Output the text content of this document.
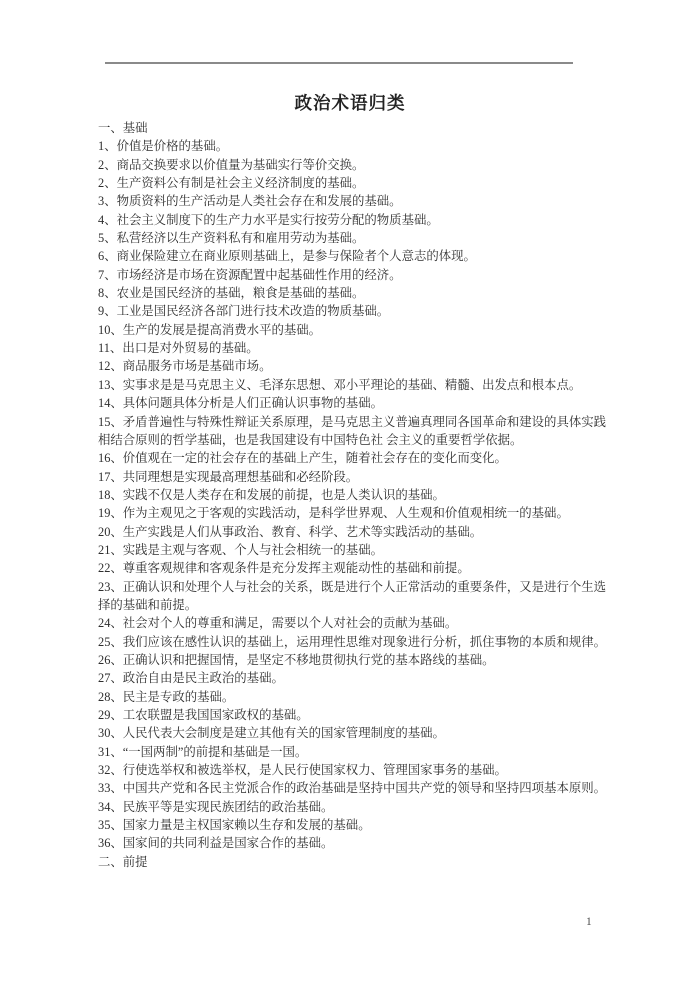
政治术语归类

一、基础

1、价值是价格的基础。

2、商品交换要求以价值量为基础实行等价交换。

2、生产资料公有制是社会主义经济制度的基础。

3、物质资料的生产活动是人类社会存在和发展的基础。

4、社会主义制度下的生产力水平是实行按劳分配的物质基础。

5、私营经济以生产资料私有和雇用劳动为基础。

6、商业保险建立在商业原则基础上，是参与保险者个人意志的体现。

7、市场经济是市场在资源配置中起基础性作用的经济。

8、农业是国民经济的基础，粮食是基础的基础。

9、工业是国民经济各部门进行技术改造的物质基础。

10、生产的发展是提高消费水平的基础。

11、出口是对外贸易的基础。

12、商品服务市场是基础市场。

13、实事求是是马克思主义、毛泽东思想、邓小平理论的基础、精髓、出发点和根本点。

14、具体问题具体分析是人们正确认识事物的基础。

15、矛盾普遍性与特殊性辩证关系原理，是马克思主义普遍真理同各国革命和建设的具体实践相结合原则的哲学基础，也是我国建设有中国特色社 会主义的重要哲学依据。

16、价值观在一定的社会存在的基础上产生，随着社会存在的变化而变化。

17、共同理想是实现最高理想基础和必经阶段。

18、实践不仅是人类存在和发展的前提，也是人类认识的基础。

19、作为主观见之于客观的实践活动，是科学世界观、人生观和价值观相统一的基础。

20、生产实践是人们从事政治、教育、科学、艺术等实践活动的基础。

21、实践是主观与客观、个人与社会相统一的基础。

22、尊重客观规律和客观条件是充分发挥主观能动性的基础和前提。

23、正确认识和处理个人与社会的关系，既是进行个人正常活动的重要条件，又是进行个生选择的基础和前提。

24、社会对个人的尊重和满足，需要以个人对社会的贡献为基础。

25、我们应该在感性认识的基础上，运用理性思维对现象进行分析，抓住事物的本质和规律。

26、正确认识和把握国情，是坚定不移地贯彻执行党的基本路线的基础。

27、政治自由是民主政治的基础。

28、民主是专政的基础。

29、工农联盟是我国国家政权的基础。

30、人民代表大会制度是建立其他有关的国家管理制度的基础。

31、“一国两制”的前提和基础是一国。

32、行使选举权和被选举权，是人民行使国家权力、管理国家事务的基础。

33、中国共产党和各民主党派合作的政治基础是坚持中国共产党的领导和坚持四项基本原则。

34、民族平等是实现民族团结的政治基础。

35、国家力量是主权国家赖以生存和发展的基础。

36、国家间的共同利益是国家合作的基础。

二、前提

1
